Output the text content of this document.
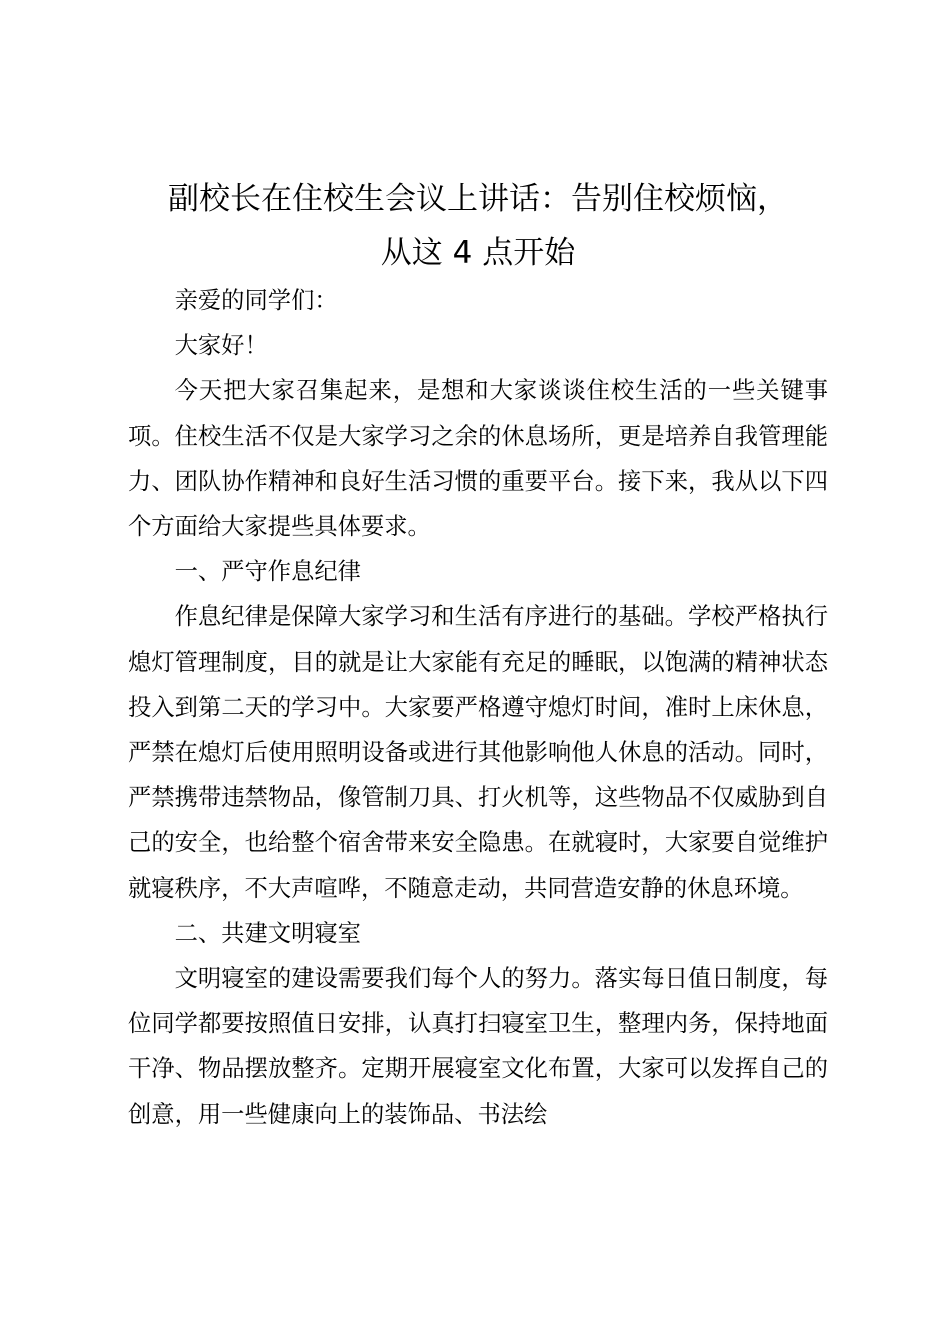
副校长在住校生会议上讲话：告别住校烦恼，
从这 4 点开始

亲爱的同学们：

大家好！

今天把大家召集起来，是想和大家谈谈住校生活的一些关键事项。住校生活不仅是大家学习之余的休息场所，更是培养自我管理能力、团队协作精神和良好生活习惯的重要平台。接下来，我从以下四个方面给大家提些具体要求。

一、严守作息纪律

作息纪律是保障大家学习和生活有序进行的基础。学校严格执行熄灯管理制度，目的就是让大家能有充足的睡眠，以饱满的精神状态投入到第二天的学习中。大家要严格遵守熄灯时间，准时上床休息，严禁在熄灯后使用照明设备或进行其他影响他人休息的活动。同时，严禁携带违禁物品，像管制刀具、打火机等，这些物品不仅威胁到自己的安全，也给整个宿舍带来安全隐患。在就寝时，大家要自觉维护就寝秩序，不大声喧哗，不随意走动，共同营造安静的休息环境。

二、共建文明寝室

文明寝室的建设需要我们每个人的努力。落实每日值日制度，每位同学都要按照值日安排，认真打扫寝室卫生，整理内务，保持地面干净、物品摆放整齐。定期开展寝室文化布置，大家可以发挥自己的创意，用一些健康向上的装饰品、书法绘
